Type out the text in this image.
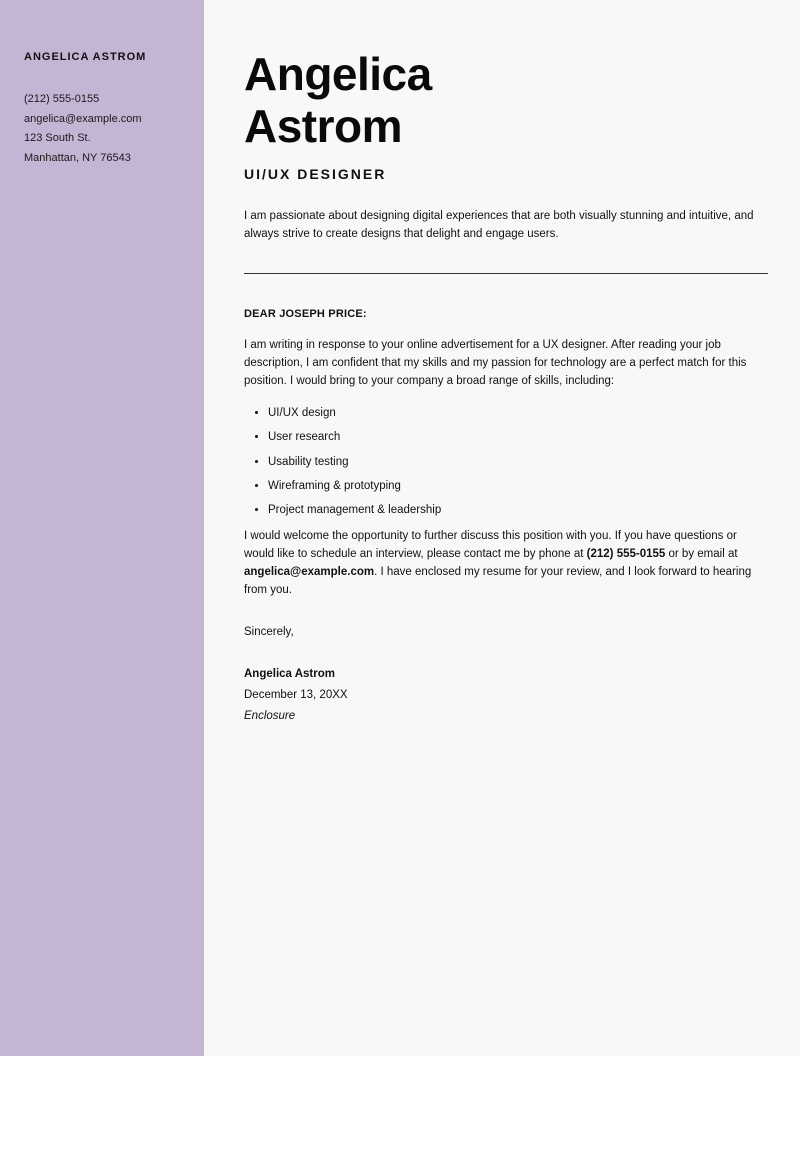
ANGELICA ASTROM
(212) 555-0155
angelica@example.com
123 South St.
Manhattan, NY 76543
Angelica
Astrom
UI/UX DESIGNER

I am passionate about designing digital experiences that are both visually stunning and intuitive, and always strive to create designs that delight and engage users.

DEAR JOSEPH PRICE:

I am writing in response to your online advertisement for a UX designer. After reading your job description, I am confident that my skills and my passion for technology are a perfect match for this position. I would bring to your company a broad range of skills, including:

• UI/UX design
• User research
• Usability testing
• Wireframing & prototyping
• Project management & leadership

I would welcome the opportunity to further discuss this position with you. If you have questions or would like to schedule an interview, please contact me by phone at (212) 555-0155 or by email at angelica@example.com. I have enclosed my resume for your review, and I look forward to hearing from you.

Sincerely,
Angelica Astrom
December 13, 20XX
Enclosure
